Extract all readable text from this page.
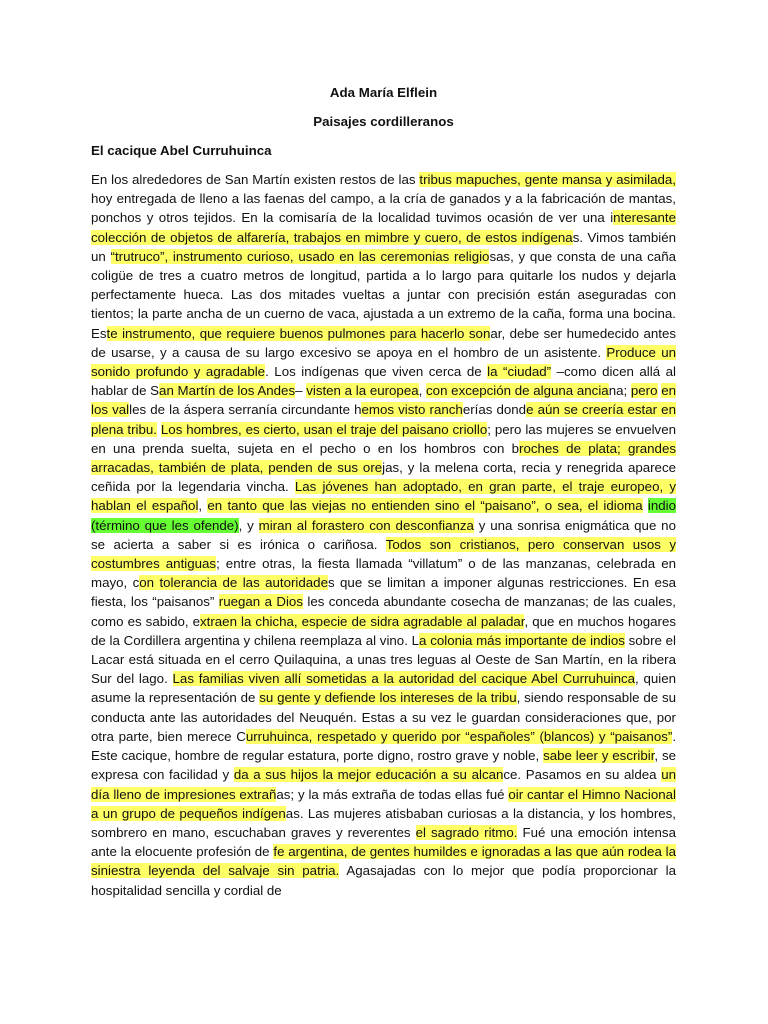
Ada María Elflein

Paisajes cordilleranos

El cacique Abel Curruhuinca

En los alrededores de San Martín existen restos de las tribus mapuches, gente mansa y asimilada, hoy entregada de lleno a las faenas del campo, a la cría de ganados y a la fabricación de mantas, ponchos y otros tejidos. En la comisaría de la localidad tuvimos ocasión de ver una interesante colección de objetos de alfarería, trabajos en mimbre y cuero, de estos indígenas. Vimos también un “trutruco”, instrumento curioso, usado en las ceremonias religiosas, y que consta de una caña coligüe de tres a cuatro metros de longitud, partida a lo largo para quitarle los nudos y dejarla perfectamente hueca. Las dos mitades vueltas a juntar con precisión están aseguradas con tientos; la parte ancha de un cuerno de vaca, ajustada a un extremo de la caña, forma una bocina. Este instrumento, que requiere buenos pulmones para hacerlo sonar, debe ser humedecido antes de usarse, y a causa de su largo excesivo se apoya en el hombro de un asistente. Produce un sonido profundo y agradable. Los indígenas que viven cerca de la “ciudad” –como dicen allá al hablar de San Martín de los Andes– visten a la europea, con excepción de alguna anciana; pero en los valles de la áspera serranía circundante hemos visto rancherías donde aún se creería estar en plena tribu. Los hombres, es cierto, usan el traje del paisano criollo; pero las mujeres se envuelven en una prenda suelta, sujeta en el pecho o en los hombros con broches de plata; grandes arracadas, también de plata, penden de sus orejas, y la melena corta, recia y renegrida aparece ceñida por la legendaria vincha. Las jóvenes han adoptado, en gran parte, el traje europeo, y hablan el español, en tanto que las viejas no entienden sino el “paisano”, o sea, el idioma indio (término que les ofende), y miran al forastero con desconfianza y una sonrisa enigmática que no se acierta a saber si es irónica o cariñosa. Todos son cristianos, pero conservan usos y costumbres antiguas; entre otras, la fiesta llamada “villatum” o de las manzanas, celebrada en mayo, con tolerancia de las autoridades que se limitan a imponer algunas restricciones. En esa fiesta, los “paisanos” ruegan a Dios les conceda abundante cosecha de manzanas; de las cuales, como es sabido, extraen la chicha, especie de sidra agradable al paladar, que en muchos hogares de la Cordillera argentina y chilena reemplaza al vino. La colonia más importante de indios sobre el Lacar está situada en el cerro Quilaquina, a unas tres leguas al Oeste de San Martín, en la ribera Sur del lago. Las familias viven allí sometidas a la autoridad del cacique Abel Curruhuinca, quien asume la representación de su gente y defiende los intereses de la tribu, siendo responsable de su conducta ante las autoridades del Neuquén. Estas a su vez le guardan consideraciones que, por otra parte, bien merece Curruhuinca, respetado y querido por “españoles” (blancos) y “paisanos”. Este cacique, hombre de regular estatura, porte digno, rostro grave y noble, sabe leer y escribir, se expresa con facilidad y da a sus hijos la mejor educación a su alcance. Pasamos en su aldea un día lleno de impresiones extrañas; y la más extraña de todas ellas fué oir cantar el Himno Nacional a un grupo de pequeños indígenas. Las mujeres atisbaban curiosas a la distancia, y los hombres, sombrero en mano, escuchaban graves y reverentes el sagrado ritmo. Fué una emoción intensa ante la elocuente profesión de fe argentina, de gentes humildes e ignoradas a las que aún rodea la siniestra leyenda del salvaje sin patria. Agasajadas con lo mejor que podía proporcionar la hospitalidad sencilla y cordial de
